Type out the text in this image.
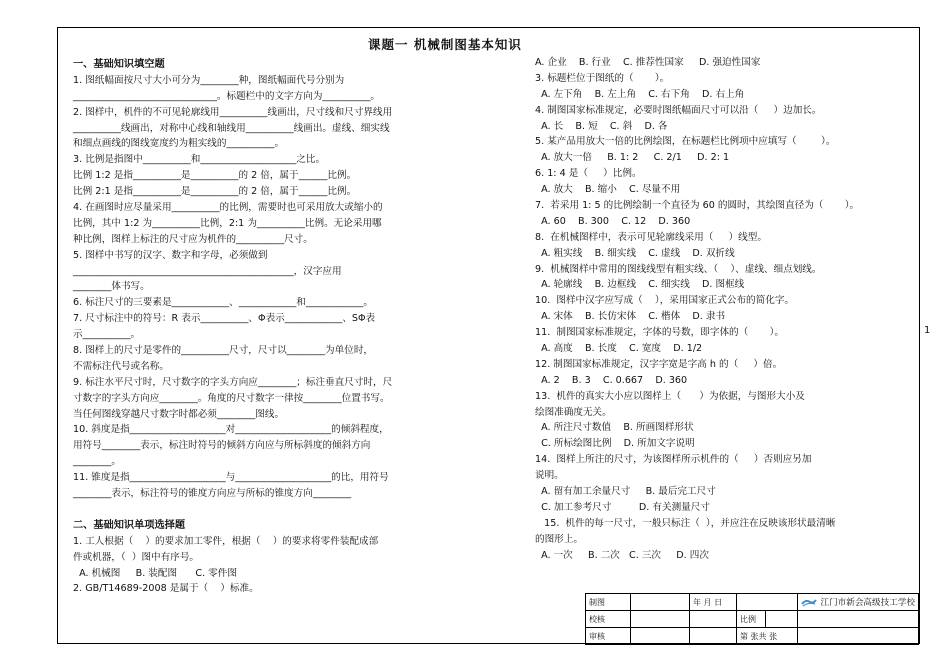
课题一 机械制图基本知识
一、基础知识填空题
1. 图纸幅面按尺寸大小可分为________种，图纸幅面代号分别为
______________________________。标题栏中的文字方向为__________。
2. 图样中，机件的不可见轮廓线用__________线画出，尺寸线和尺寸界线用
__________线画出，对称中心线和轴线用__________线画出。虚线、细实线
和细点画线的图线宽度约为粗实线的__________。
3. 比例是指图中__________和____________________之比。
比例 1:2 是指__________是__________的 2 倍，属于______比例。
比例 2:1 是指__________是__________的 2 倍，属于______比例。
4. 在画图时应尽量采用__________的比例，需要时也可采用放大或缩小的
比例，其中 1:2 为__________比例，2:1 为__________比例。无论采用哪
种比例，图样上标注的尺寸应为机件的__________尺寸。
5. 图样中书写的汉字、数字和字母，必须做到
______________________________________________，汉字应用
________体书写。
6. 标注尺寸的三要素是____________、____________和____________。
7. 尺寸标注中的符号：R 表示__________、Φ表示____________、SΦ表
示__________。
8. 图样上的尺寸是零件的__________尺寸，尺寸以________为单位时，
不需标注代号或名称。
9. 标注水平尺寸时，尺寸数字的字头方向应________；标注垂直尺寸时，尺
寸数字的字头方向应________。角度的尺寸数字一律按________位置书写。
当任何图线穿越尺寸数字时都必须________图线。
10. 斜度是指____________________对____________________的倾斜程度，
用符号________表示，标注时符号的倾斜方向应与所标斜度的倾斜方向
________。
11. 锥度是指____________________与____________________的比，用符号
________表示，标注符号的锥度方向应与所标的锥度方向________
二、基础知识单项选择题
1. 工人根据（    ）的要求加工零件，根据（    ）的要求将零件装配成部
件或机器，（  ）图中有序号。
A. 机械图     B. 装配图      C. 零件图
2. GB/T14689-2008 是属于（    ）标准。
A. 企业    B. 行业    C. 推荐性国家     D. 强迫性国家
3. 标题栏位于图纸的（       ）。
A. 左下角    B. 左上角    C. 右下角    D. 右上角
4. 制图国家标准规定，必要时图纸幅面尺寸可以沿（     ）边加长。
A. 长    B. 短    C. 斜    D. 各
5. 某产品用放大一倍的比例绘图，在标题栏比例项中应填写（        ）。
A. 放大一倍     B. 1: 2     C. 2/1     D. 2: 1
6. 1: 4 是（     ）比例。
A. 放大    B. 缩小    C. 尽量不用
7.  若采用 1: 5 的比例绘制一个直径为 60 的圆时，其绘图直径为（       ）。
A. 60    B. 300    C. 12    D. 360
8.  在机械图样中，表示可见轮廓线采用（     ）线型。
A. 粗实线    B. 细实线    C. 虚线    D. 双折线
9.  机械图样中常用的图线线型有粗实线、（    ）、虚线、细点划线。
A. 轮廓线    B. 边框线    C. 细实线    D. 图框线
10.  图样中汉字应写成（    ），采用国家正式公布的简化字。
A. 宋体    B. 长仿宋体    C. 楷体    D. 隶书
11.  制图国家标准规定，字体的号数，即字体的（       ）。
A. 高度    B. 长度    C. 宽度    D. 1/2
12. 制图国家标准规定，汉字字宽是字高 h 的（     ）倍。
A. 2    B. 3    C. 0.667    D. 360
13.  机件的真实大小应以图样上（      ）为依据，与图形大小及
绘图准确度无关。
A. 所注尺寸数值    B. 所画图样形状
C. 所标绘图比例    D. 所加文字说明
14.  图样上所注的尺寸，为该图样所示机件的（     ）否则应另加
说明。
A. 留有加工余量尺寸     B. 最后完工尺寸
C. 加工参考尺寸         D. 有关测量尺寸
15.  机件的每一尺寸，一般只标注（  ），并应注在反映该形状最清晰
的图形上。
A. 一次     B. 二次   C. 三次     D. 四次
1
制图		年 月 日			江门市新会高级技工学校
校核			比例		
审核			第 张共 张		
